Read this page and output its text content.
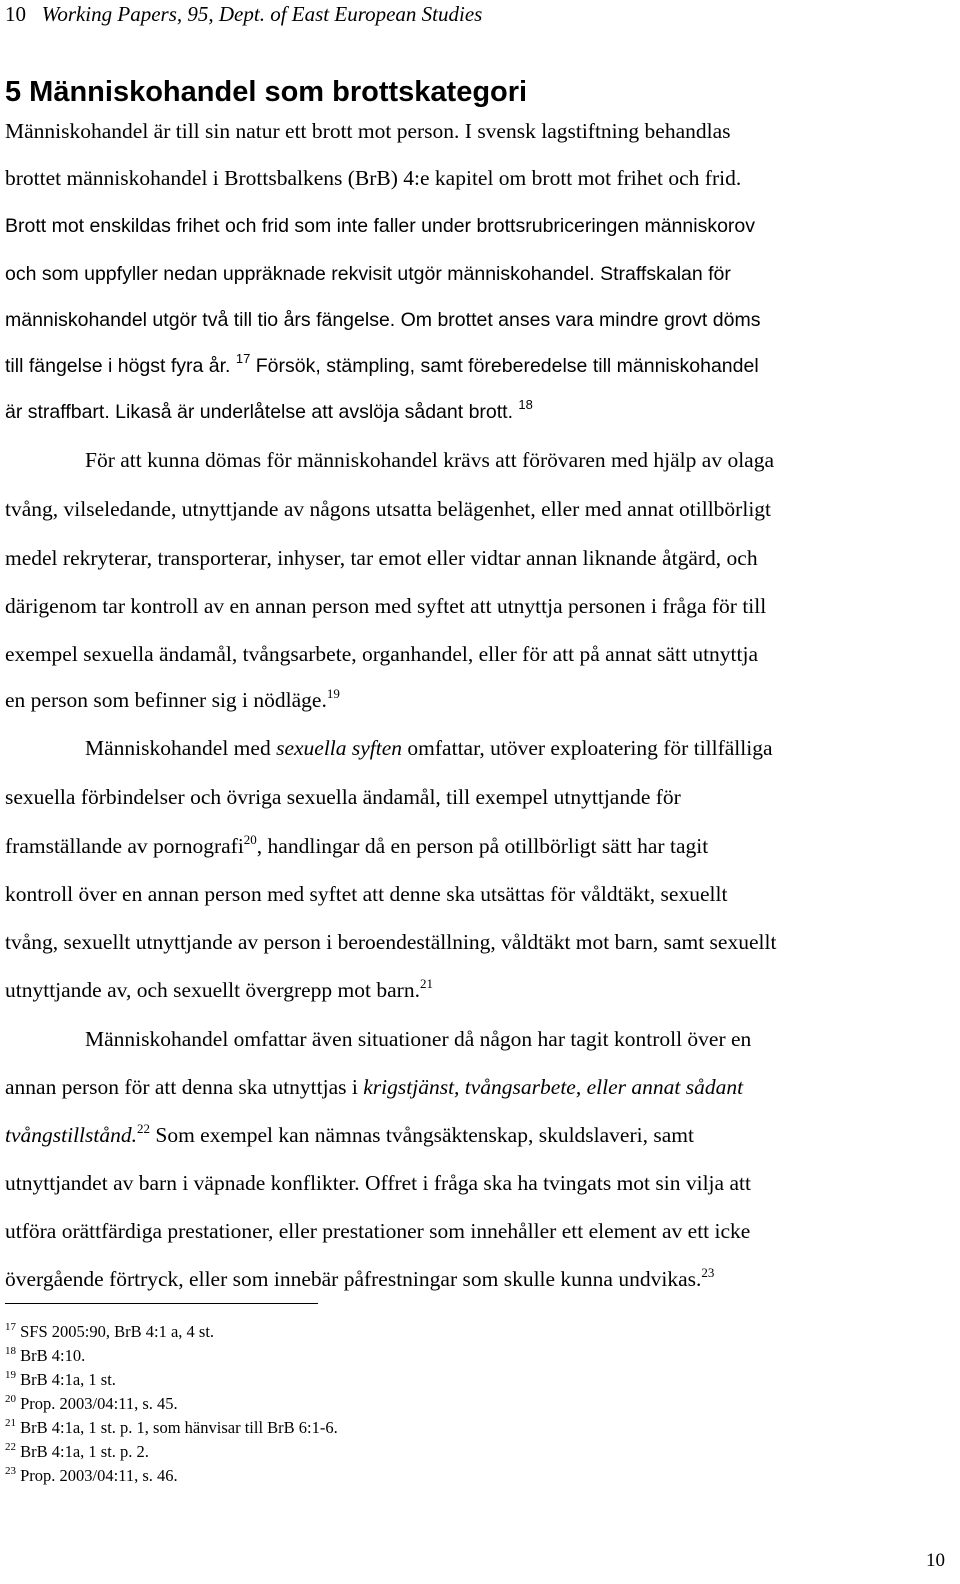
10 Working Papers, 95, Dept. of East European Studies
5 Människohandel som brottskategori
Människohandel är till sin natur ett brott mot person. I svensk lagstiftning behandlas
brottet människohandel i Brottsbalkens (BrB) 4:e kapitel om brott mot frihet och frid.
Brott mot enskildas frihet och frid som inte faller under brottsrubriceringen människorov
och som uppfyller nedan uppräknade rekvisit utgör människohandel. Straffskalan för
människohandel utgör två till tio års fängelse. Om brottet anses vara mindre grovt döms
till fängelse i högst fyra år. $^{17}$ Försök, stämpling, samt föreberedelse till människohandel
är straffbart. Likaså är underlåtelse att avslöja sådant brott. $^{18}$
För att kunna dömas för människohandel krävs att förövaren med hjälp av olaga
tvång, vilseledande, utnyttjande av någons utsatta belägenhet, eller med annat otillbörligt
medel rekryterar, transporterar, inhyser, tar emot eller vidtar annan liknande åtgärd, och
därigenom tar kontroll av en annan person med syftet att utnyttja personen i fråga för till
exempel sexuella ändamål, tvångsarbete, organhandel, eller för att på annat sätt utnyttja
en person som befinner sig i nödläge.$^{19}$
Människohandel med sexuella syften omfattar, utöver exploatering för tillfälliga
sexuella förbindelser och övriga sexuella ändamål, till exempel utnyttjande för
framställande av pornografi$^{20}$, handlingar då en person på otillbörligt sätt har tagit
kontroll över en annan person med syftet att denne ska utsättas för våldtäkt, sexuellt
tvång, sexuellt utnyttjande av person i beroendeställning, våldtäkt mot barn, samt sexuellt
utnyttjande av, och sexuellt övergrepp mot barn.$^{21}$
Människohandel omfattar även situationer då någon har tagit kontroll över en
annan person för att denna ska utnyttjas i krigstjänst, tvångsarbete, eller annat sådant
tvångstillstånd.$^{22}$ Som exempel kan nämnas tvångsäktenskap, skuldslaveri, samt
utnyttjandet av barn i väpnade konflikter. Offret i fråga ska ha tvingats mot sin vilja att
utföra orättfärdiga prestationer, eller prestationer som innehåller ett element av ett icke
övergående förtryck, eller som innebär påfrestningar som skulle kunna undvikas.$^{23}$
$^{17}$ SFS 2005:90, BrB 4:1 a, 4 st.
$^{18}$ BrB 4:10.
$^{19}$ BrB 4:1a, 1 st.
$^{20}$ Prop. 2003/04:11, s. 45.
$^{21}$ BrB 4:1a, 1 st. p. 1, som hänvisar till BrB 6:1-6.
$^{22}$ BrB 4:1a, 1 st. p. 2.
$^{23}$ Prop. 2003/04:11, s. 46.
10
